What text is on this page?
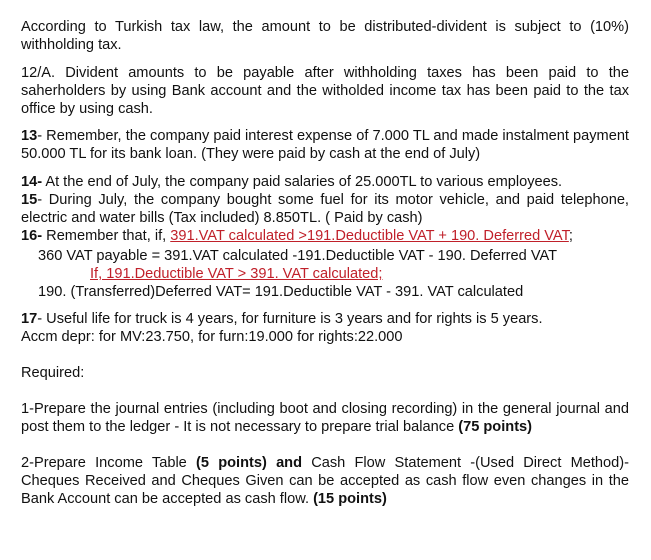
According to Turkish tax law, the amount to be distributed-divident is subject to (10%) withholding tax.

12/A. Divident amounts to be payable after withholding taxes has been paid to the saherholders by using Bank account and the witholded income tax has been paid to the tax office by using cash.

13- Remember, the company paid interest expense of 7.000 TL and made instalment payment 50.000 TL for its bank loan. (They were paid by cash at the end of July)

14- At the end of July, the company paid salaries of 25.000TL to various employees.

15- During July, the company bought some fuel for its motor vehicle, and paid telephone, electric and water bills (Tax included) 8.850TL. ( Paid by cash)

16- Remember that, if, 391.VAT calculated >191.Deductible VAT + 190. Deferred VAT;

360 VAT payable = 391.VAT calculated -191.Deductible VAT - 190. Deferred VAT

If, 191.Deductible VAT > 391. VAT calculated;

190. (Transferred)Deferred VAT= 191.Deductible VAT - 391. VAT calculated

17- Useful life for truck is 4 years, for furniture is 3 years and for rights is 5 years.

Accm depr: for MV:23.750, for furn:19.000 for rights:22.000

Required:

1-Prepare the journal entries (including boot and closing recording) in the general journal and post them to the ledger - It is not necessary to prepare trial balance (75 points)

2-Prepare Income Table (5 points) and Cash Flow Statement -(Used Direct Method)- Cheques Received and Cheques Given can be accepted as cash flow even changes in the Bank Account can be accepted as cash flow. (15 points)
